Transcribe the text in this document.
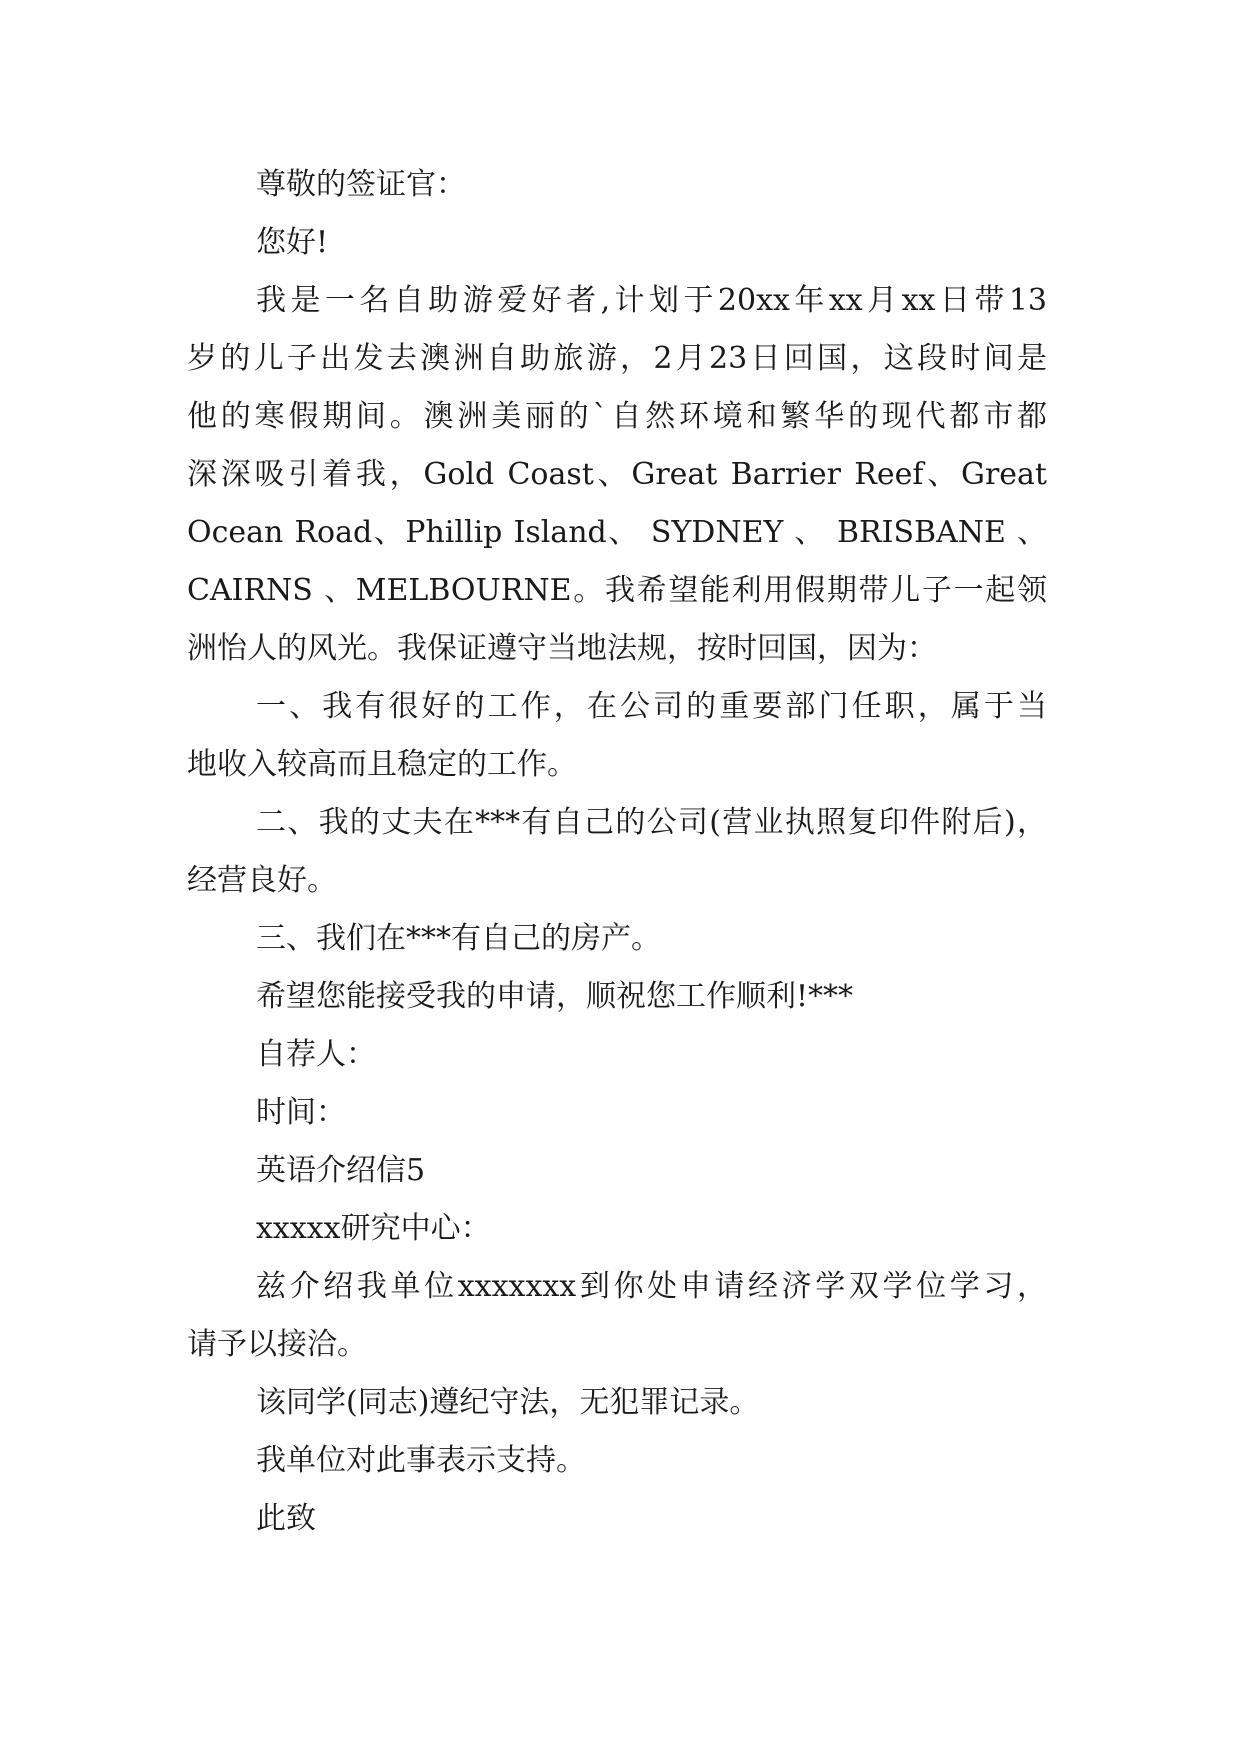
尊敬的签证官：
您好!
我是一名自助游爱好者,计划于20xx年xx月xx日带13
岁的儿子出发去澳洲自助旅游，2月23日回国，这段时间是
他的寒假期间。澳洲美丽的`自然环境和繁华的现代都市都
深深吸引着我，Gold Coast、Great Barrier Reef、Great
Ocean Road、Phillip Island、 SYDNEY 、 BRISBANE 、
CAIRNS 、MELBOURNE。我希望能利用假期带儿子一起领
洲怡人的风光。我保证遵守当地法规，按时回国，因为：
一、我有很好的工作，在公司的重要部门任职，属于当
地收入较高而且稳定的工作。
二、我的丈夫在***有自己的公司(营业执照复印件附后)，
经营良好。
三、我们在***有自己的房产。
希望您能接受我的申请，顺祝您工作顺利!***
自荐人：
时间：
英语介绍信5
xxxxx研究中心：
兹介绍我单位xxxxxxx到你处申请经济学双学位学习，
请予以接洽。
该同学(同志)遵纪守法，无犯罪记录。
我单位对此事表示支持。
此致
